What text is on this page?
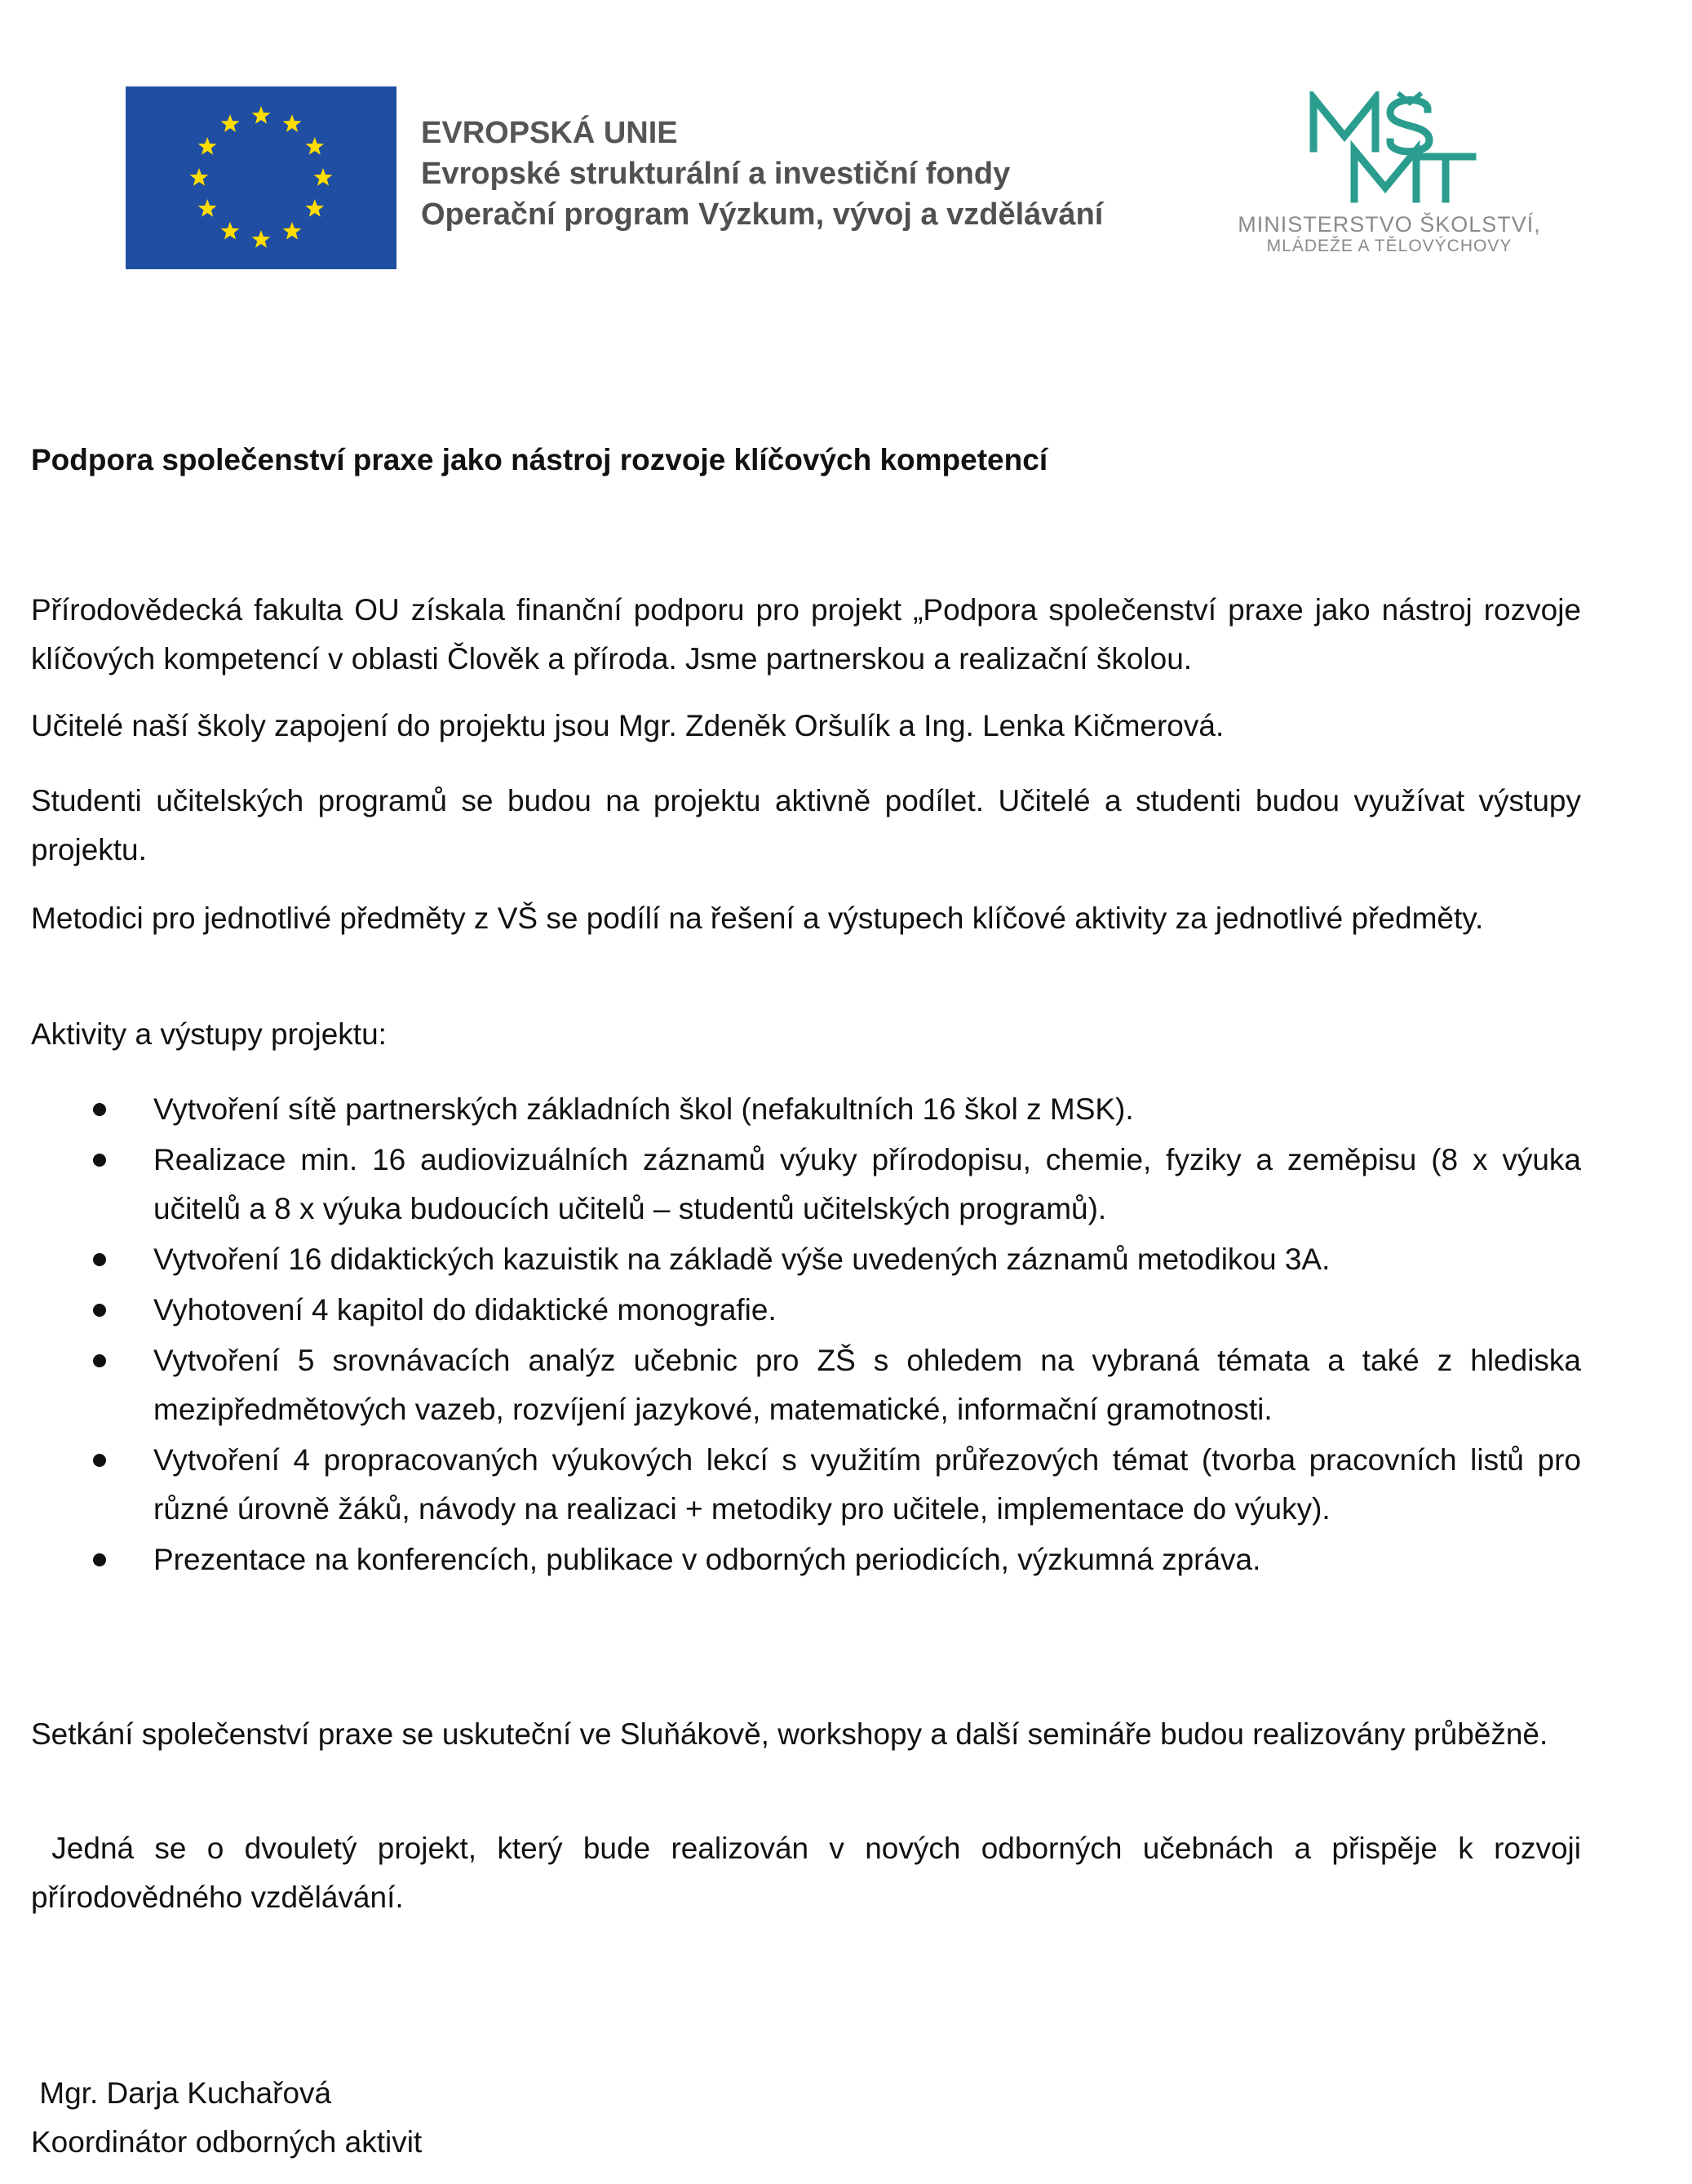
EVROPSKÁ UNIE
Evropské strukturální a investiční fondy
Operační program Výzkum, vývoj a vzdělávání	MINISTERSTVO ŠKOLSTVÍ,
MLÁDEŽE A TĚLOVÝCHOVY
Podpora společenství praxe jako nástroj rozvoje klíčových kompetencí
Přírodovědecká fakulta OU získala finanční podporu pro projekt „Podpora společenství praxe jako nástroj rozvoje klíčových kompetencí v oblasti Člověk a příroda. Jsme partnerskou a realizační školou.
Učitelé naší školy zapojení do projektu jsou Mgr. Zdeněk Oršulík a Ing. Lenka Kičmerová.
Studenti učitelských programů se budou na projektu aktivně podílet. Učitelé a studenti budou využívat výstupy projektu.
Metodici pro jednotlivé předměty z VŠ se podílí na řešení a výstupech klíčové aktivity za jednotlivé předměty.
Aktivity a výstupy projektu:
Vytvoření sítě partnerských základních škol (nefakultních 16 škol z MSK).
Realizace min. 16 audiovizuálních záznamů výuky přírodopisu, chemie, fyziky a zeměpisu (8 x výuka učitelů a 8 x výuka budoucích učitelů – studentů učitelských programů).
Vytvoření 16 didaktických kazuistik na základě výše uvedených záznamů metodikou 3A.
Vyhotovení 4 kapitol do didaktické monografie.
Vytvoření 5 srovnávacích analýz učebnic pro ZŠ s ohledem na vybraná témata a také z hlediska mezipředmětových vazeb, rozvíjení jazykové, matematické, informační gramotnosti.
Vytvoření 4 propracovaných výukových lekcí s využitím průřezových témat (tvorba pracovních listů pro různé úrovně žáků, návody na realizaci + metodiky pro učitele, implementace do výuky).
Prezentace na konferencích, publikace v odborných periodicích, výzkumná zpráva.
Setkání společenství praxe se uskuteční ve Sluňákově, workshopy a další semináře budou realizovány průběžně.
Jedná se o dvouletý projekt, který bude realizován v nových odborných učebnách a přispěje k rozvoji přírodovědného vzdělávání.
Mgr. Darja Kuchařová
Koordinátor odborných aktivit
